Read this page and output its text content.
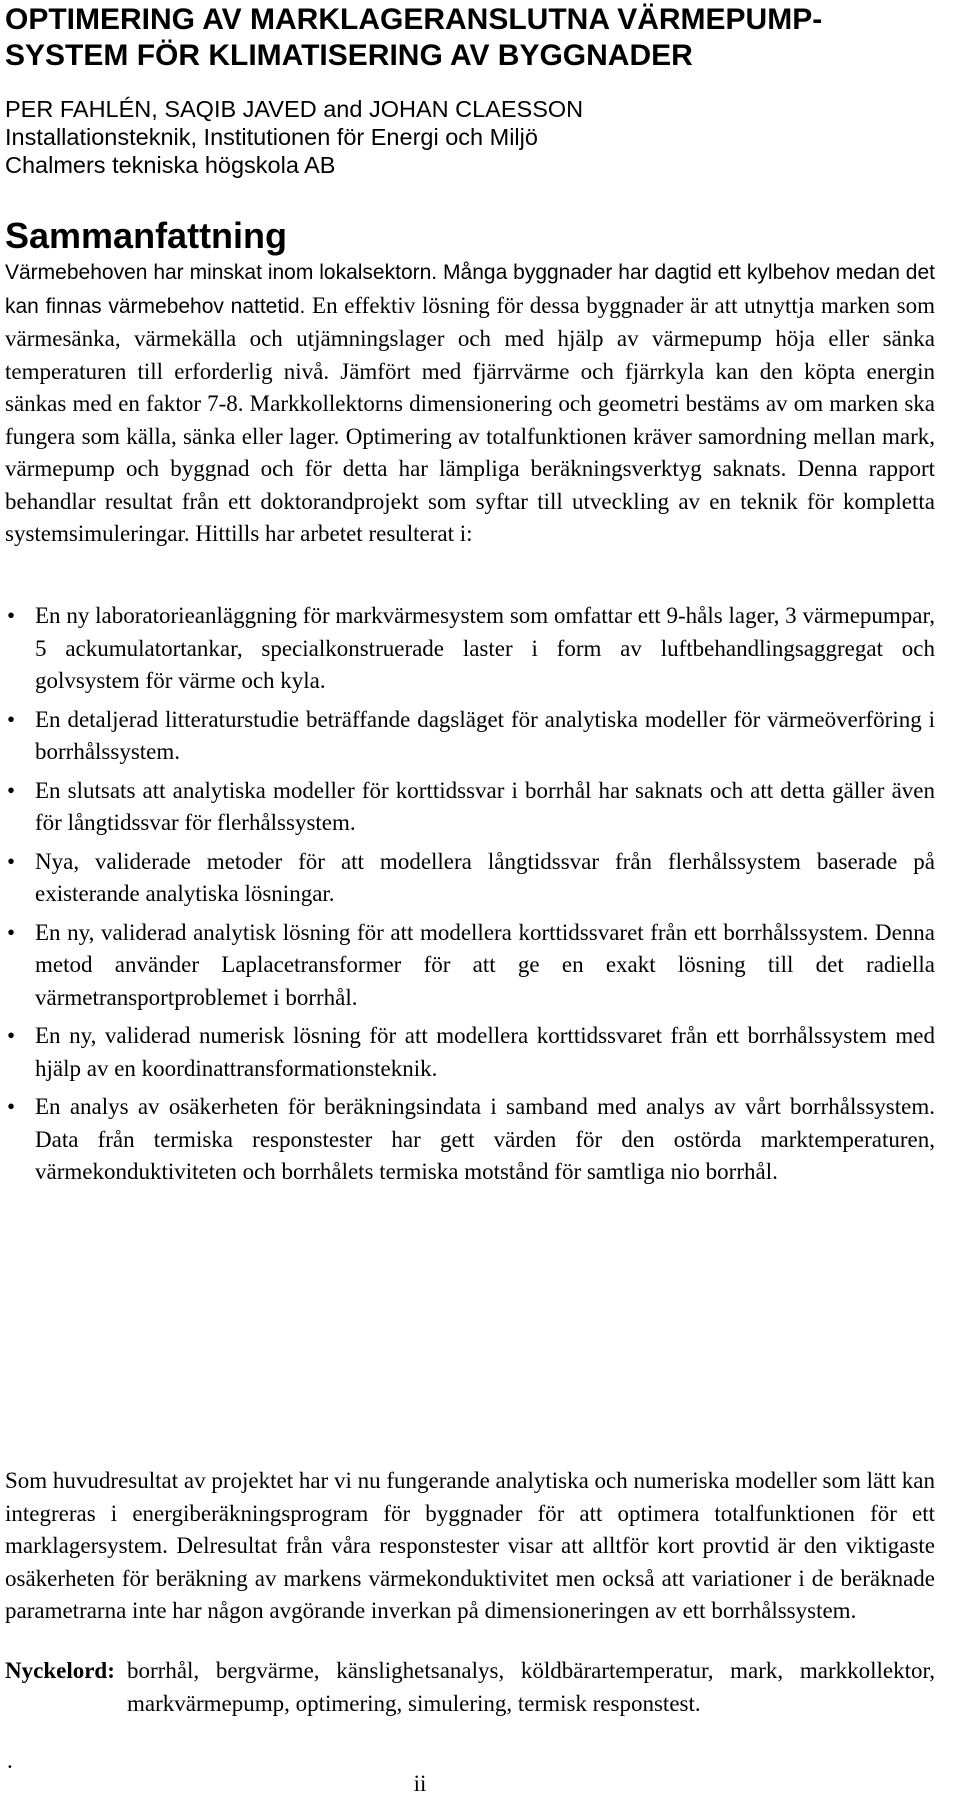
OPTIMERING AV MARKLAGERANSLUTNA VÄRMEPUMP-SYSTEM FÖR KLIMATISERING AV BYGGNADER
PER FAHLÉN, SAQIB JAVED and JOHAN CLAESSON
Installationsteknik, Institutionen för Energi och Miljö
Chalmers tekniska högskola AB
Sammanfattning

Värmebehoven har minskat inom lokalsektorn. Många byggnader har dagtid ett kylbehov medan det kan finnas värmebehov nattetid. En effektiv lösning för dessa byggnader är att utnyttja marken som värmesänka, värmekälla och utjämningslager och med hjälp av värmepump höja eller sänka temperaturen till erforderlig nivå. Jämfört med fjärrvärme och fjärrkyla kan den köpta energin sänkas med en faktor 7-8. Markkollektorns dimensionering och geometri bestäms av om marken ska fungera som källa, sänka eller lager. Optimering av totalfunktionen kräver samordning mellan mark, värmepump och byggnad och för detta har lämpliga beräkningsverktyg saknats. Denna rapport behandlar resultat från ett doktorandprojekt som syftar till utveckling av en teknik för kompletta systemsimuleringar. Hittills har arbetet resulterat i:

• En ny laboratorieanläggning för markvärmesystem som omfattar ett 9-håls lager, 3 värmepumpar, 5 ackumulatortankar, specialkonstruerade laster i form av luftbehandlingsaggregat och golvsystem för värme och kyla.
• En detaljerad litteraturstudie beträffande dagsläget för analytiska modeller för värmeöverföring i borrhålssystem.
• En slutsats att analytiska modeller för korttidssvar i borrhål har saknats och att detta gäller även för långtidssvar för flerhålssystem.
• Nya, validerade metoder för att modellera långtidssvar från flerhålssystem baserade på existerande analytiska lösningar.
• En ny, validerad analytisk lösning för att modellera korttidssvaret från ett borrhålssystem. Denna metod använder Laplacetransformer för att ge en exakt lösning till det radiella värmetransportproblemet i borrhål.
• En ny, validerad numerisk lösning för att modellera korttidssvaret från ett borrhålssystem med hjälp av en koordinattransformationsteknik.
• En analys av osäkerheten för beräkningsindata i samband med analys av vårt borrhålssystem. Data från termiska responstester har gett värden för den ostörda marktemperaturen, värmekonduktiviteten och borrhålets termiska motstånd för samtliga nio borrhål.

Som huvudresultat av projektet har vi nu fungerande analytiska och numeriska modeller som lätt kan integreras i energiberäkningsprogram för byggnader för att optimera totalfunktionen för ett marklagersystem. Delresultat från våra responstester visar att alltför kort provtid är den viktigaste osäkerheten för beräkning av markens värmekonduktivitet men också att variationer i de beräknade parametrarna inte har någon avgörande inverkan på dimensioneringen av ett borrhålssystem.

Nyckelord: borrhål, bergvärme, känslighetsanalys, köldbärartemperatur, mark, markkollektor, markvärmepump, optimering, simulering, termisk responstest.
.
ii
